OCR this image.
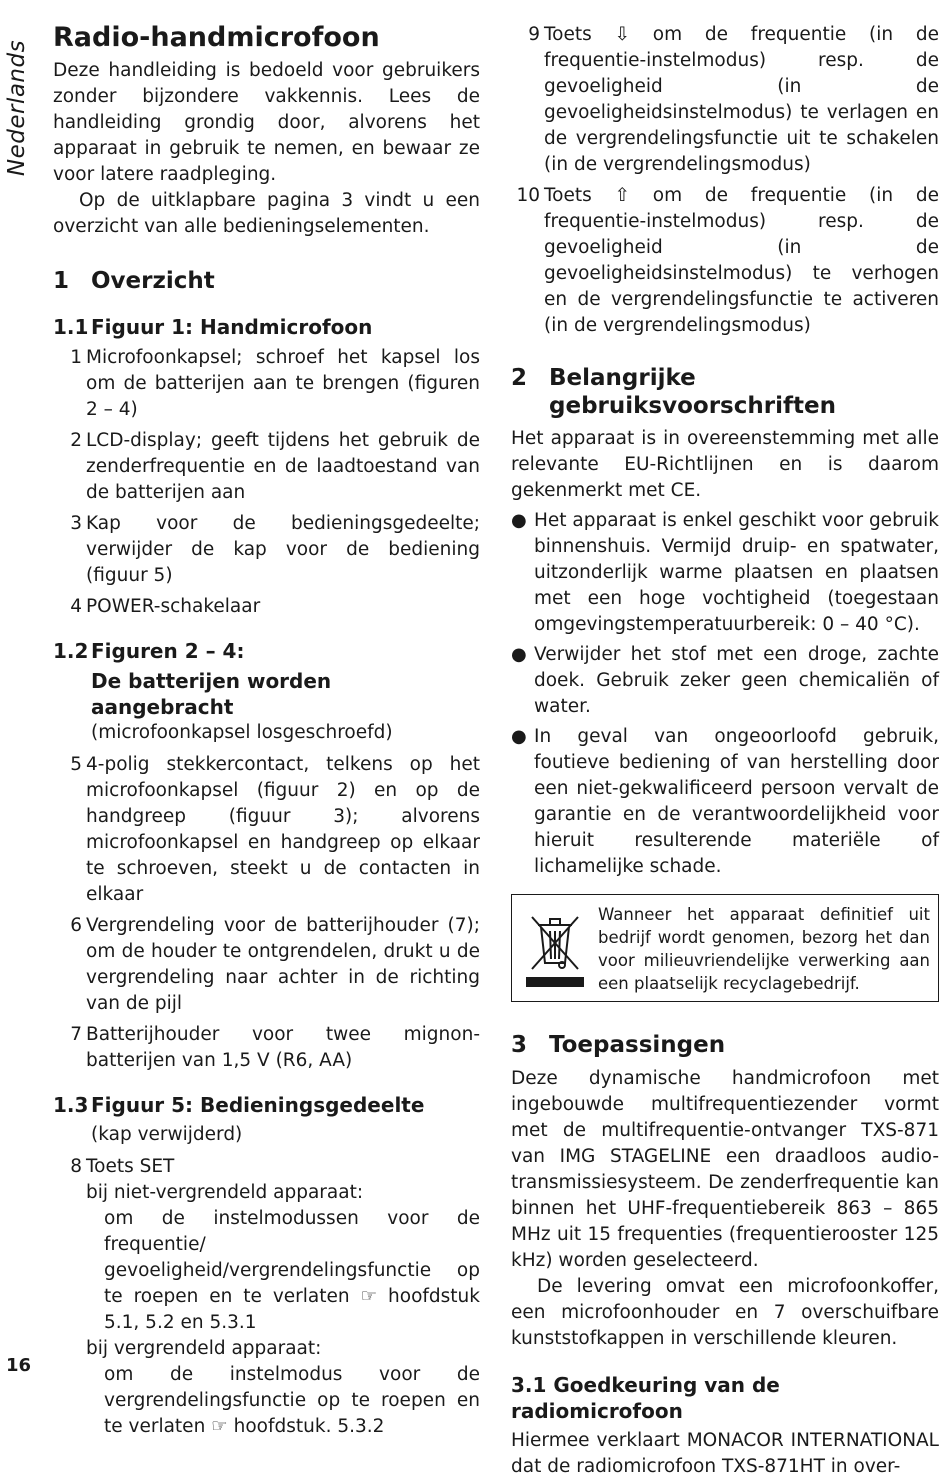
Nederlands
Radio-handmicrofoon

Deze handleiding is bedoeld voor gebruikers zonder bijzondere vakkennis. Lees de handleiding grondig door, alvorens het apparaat in gebruik te nemen, en bewaar ze voor latere raadpleging.

Op de uitklapbare pagina 3 vindt u een overzicht van alle bedieningselementen.

1 Overzicht
1.1 Figuur 1: Handmicrofoon
1 Microfoonkapsel; schroef het kapsel los om de batterijen aan te brengen (figuren 2 – 4)

2 LCD-display; geeft tijdens het gebruik de zenderfrequentie en de laadtoestand van de batterijen aan

3 Kap voor de bedieningsgedeelte; verwijder de kap voor de bediening (figuur 5)

4 POWER-schakelaar

1.2 Figuren 2 – 4:
De batterijen worden aangebracht
(microfoonkapsel losgeschroefd)
5 4-polig stekkercontact, telkens op het microfoonkapsel (figuur 2) en op de handgreep (figuur 3); alvorens microfoonkapsel en handgreep op elkaar te schroeven, steekt u de contacten in elkaar

6 Vergrendeling voor de batterijhouder (7); om de houder te ontgrendelen, drukt u de vergrendeling naar achter in de richting van de pijl

7 Batterijhouder voor twee mignon-batterijen van 1,5 V (R6, AA)

1.3 Figuur 5: Bedieningsgedeelte
(kap verwijderd)
8 Toets SET

bij niet-vergrendeld apparaat:

om de instelmodussen voor de frequentie/ gevoeligheid/vergrendelingsfunctie op te roepen en te verlaten ☞ hoofdstuk 5.1, 5.2 en 5.3.1

bij vergrendeld apparaat:

om de instelmodus voor de vergrendelingsfunctie op te roepen en te verlaten ☞ hoofdstuk. 5.3.2

9 Toets ⇩ om de frequentie (in de frequentie-instelmodus) resp. de gevoeligheid (in de gevoeligheidsinstelmodus) te verlagen en de vergrendelingsfunctie uit te schakelen (in de vergrendelingsmodus)

10 Toets ⇧ om de frequentie (in de frequentie-instelmodus) resp. de gevoeligheid (in de gevoeligheidsinstelmodus) te verhogen en de vergrendelingsfunctie te activeren (in de vergrendelingsmodus)

2 Belangrijke gebruiksvoorschriften

Het apparaat is in overeenstemming met alle relevante EU-Richtlijnen en is daarom gekenmerkt met CE.

● Het apparaat is enkel geschikt voor gebruik binnenshuis. Vermijd druip- en spatwater, uitzonderlijk warme plaatsen en plaatsen met een hoge vochtigheid (toegestaan omgevingstemperatuurbereik: 0 – 40 °C).

● Verwijder het stof met een droge, zachte doek. Gebruik zeker geen chemicaliën of water.

● In geval van ongeoorloofd gebruik, foutieve bediening of van herstelling door een niet-gekwalificeerd persoon vervalt de garantie en de verantwoordelijkheid voor hieruit resulterende materiële of lichamelijke schade.

Wanneer het apparaat definitief uit bedrijf wordt genomen, bezorg het dan voor milieuvriendelijke verwerking aan een plaatselijk recyclagebedrijf.
3 Toepassingen

Deze dynamische handmicrofoon met ingebouwde multifrequentiezender vormt met de multifrequentie-ontvanger TXS-871 van IMG STAGELINE een draadloos audio-transmissiesysteem. De zenderfrequentie kan binnen het UHF-frequentiebereik 863 – 865 MHz uit 15 frequenties (frequentierooster 125 kHz) worden geselecteerd.

De levering omvat een microfoonkoffer, een microfoonhouder en 7 overschuifbare kunststofkappen in verschillende kleuren.

3.1 Goedkeuring van de radiomicrofoon

Hiermee verklaart MONACOR INTERNATIONAL dat de radiomicrofoon TXS-871HT in over-

16
